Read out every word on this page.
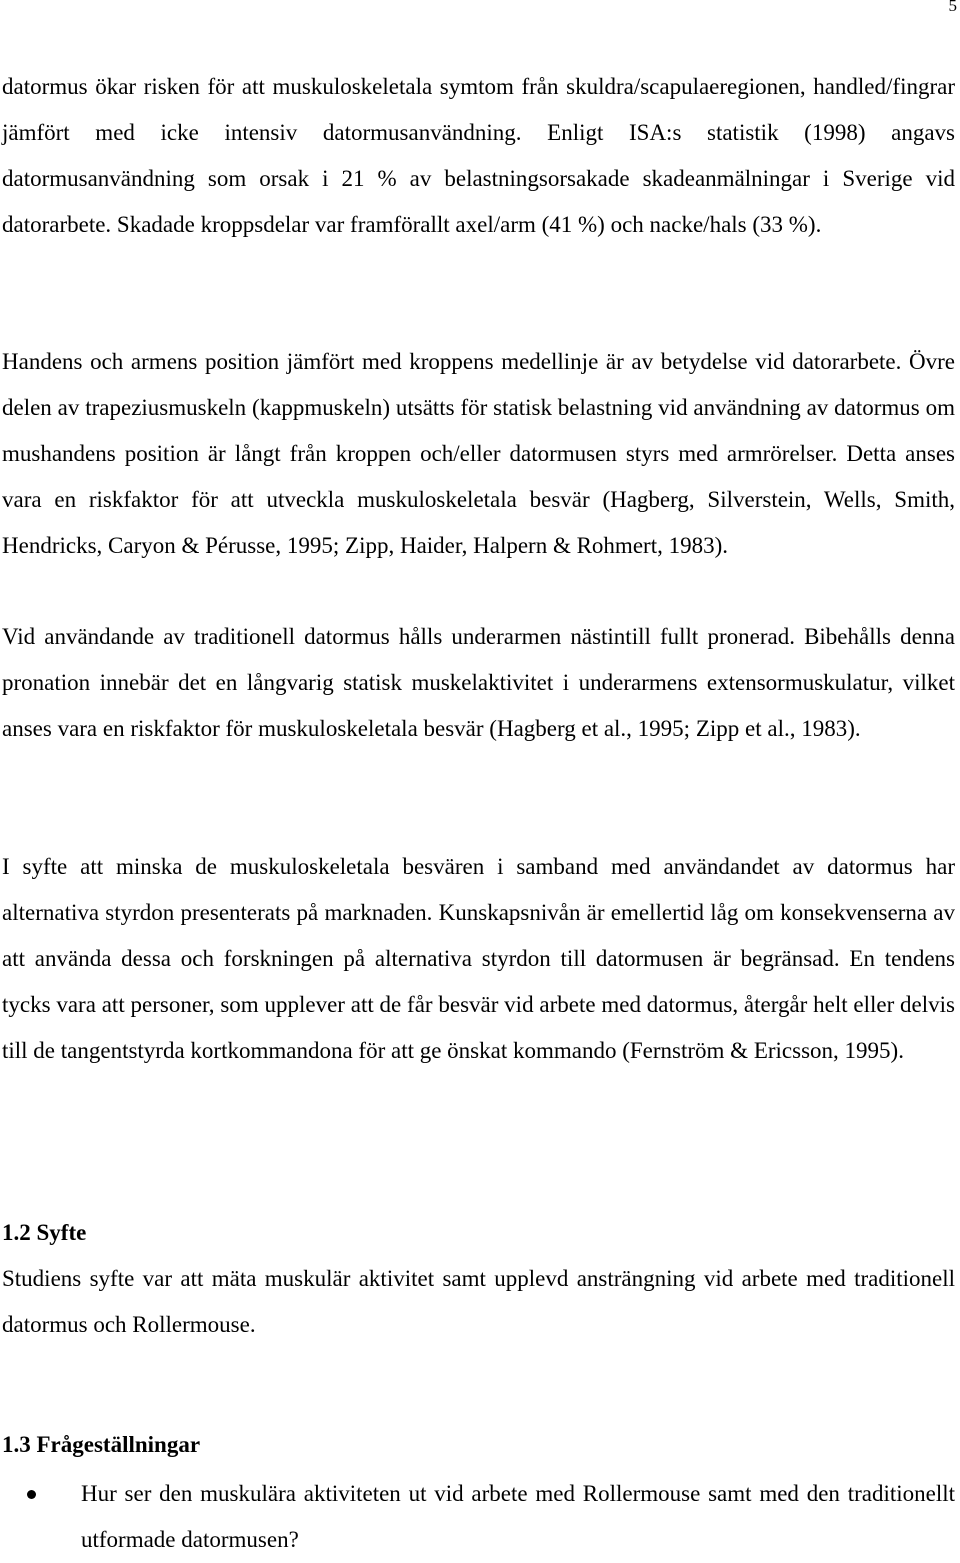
5

datormus ökar risken för att muskuloskeletala symtom från skuldra/scapulaeregionen, handled/fingrar jämfört med icke intensiv datormusanvändning. Enligt ISA:s statistik (1998) angavs datormusanvändning som orsak i 21 % av belastningsorsakade skadeanmälningar i Sverige vid datorarbete. Skadade kroppsdelar var framförallt axel/arm (41 %) och nacke/hals (33 %).

Handens och armens position jämfört med kroppens medellinje är av betydelse vid datorarbete. Övre delen av trapeziusmuskeln (kappmuskeln) utsätts för statisk belastning vid användning av datormus om mushandens position är långt från kroppen och/eller datormusen styrs med armrörelser. Detta anses vara en riskfaktor för att utveckla muskuloskeletala besvär (Hagberg, Silverstein, Wells, Smith, Hendricks, Caryon & Pérusse, 1995; Zipp, Haider, Halpern & Rohmert, 1983).

Vid användande av traditionell datormus hålls underarmen nästintill fullt pronerad. Bibehålls denna pronation innebär det en långvarig statisk muskelaktivitet i underarmens extensormuskulatur, vilket anses vara en riskfaktor för muskuloskeletala besvär (Hagberg et al., 1995; Zipp et al., 1983).

I syfte att minska de muskuloskeletala besvären i samband med användandet av datormus har alternativa styrdon presenterats på marknaden. Kunskapsnivån är emellertid låg om konsekvenserna av att använda dessa och forskningen på alternativa styrdon till datormusen är begränsad. En tendens tycks vara att personer, som upplever att de får besvär vid arbete med datormus, återgår helt eller delvis till de tangentstyrda kortkommandona för att ge önskat kommando (Fernström & Ericsson, 1995).

1.2 Syfte

Studiens syfte var att mäta muskulär aktivitet samt upplevd ansträngning vid arbete med traditionell datormus och Rollermouse.

1.3 Frågeställningar

Hur ser den muskulära aktiviteten ut vid arbete med Rollermouse samt med den traditionellt utformade datormusen?
